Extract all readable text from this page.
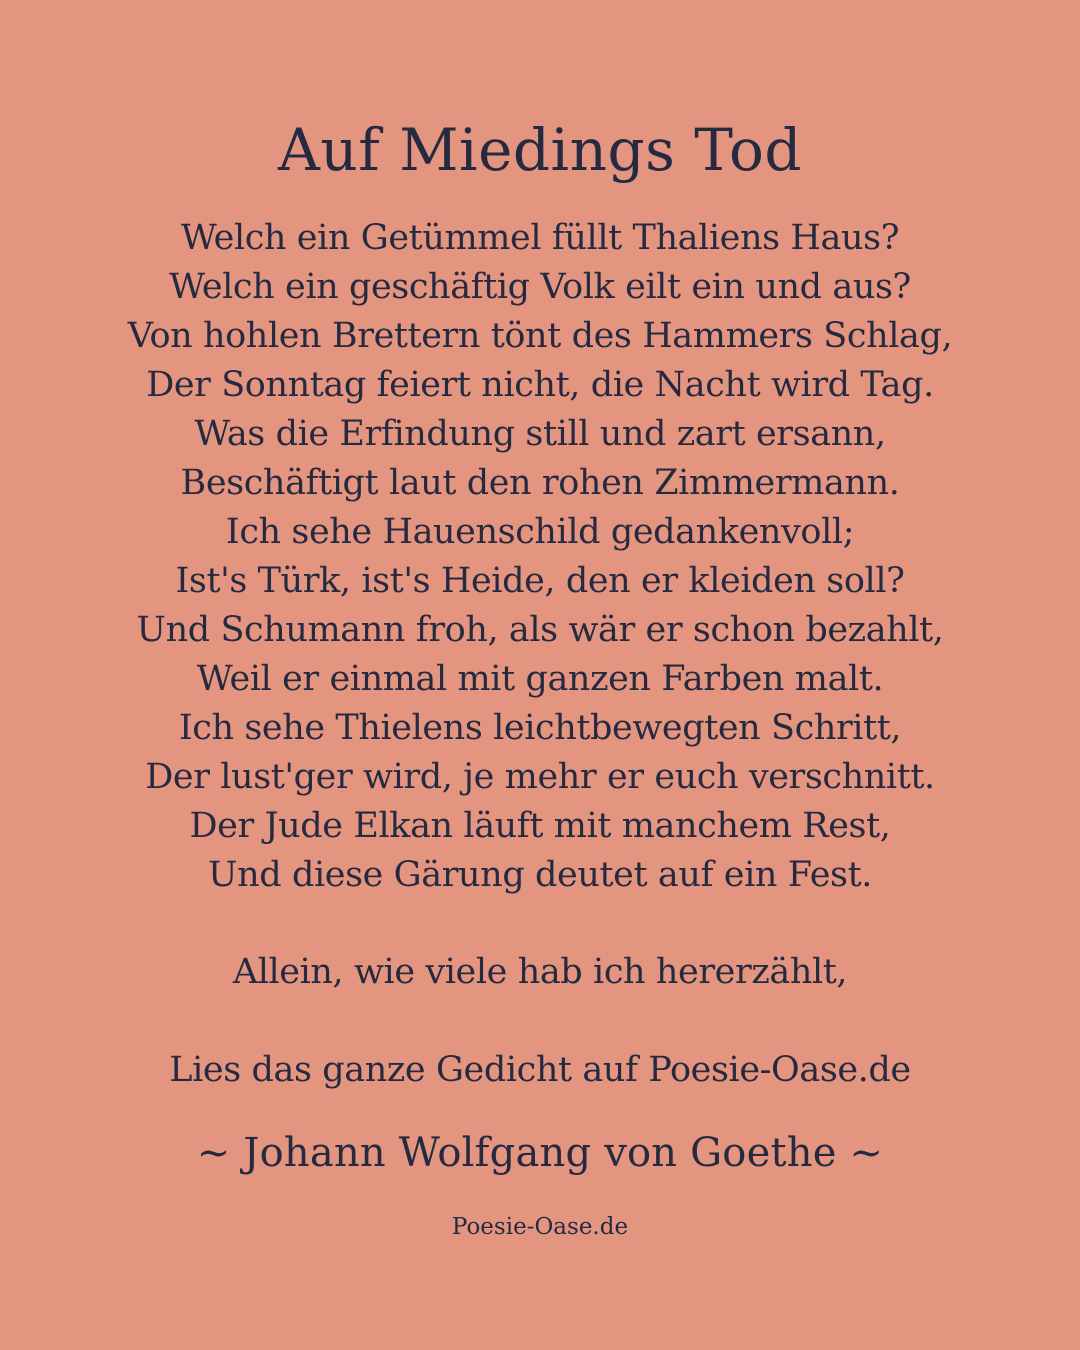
Auf Miedings Tod
Welch ein Getümmel füllt Thaliens Haus?
Welch ein geschäftig Volk eilt ein und aus?
Von hohlen Brettern tönt des Hammers Schlag,
Der Sonntag feiert nicht, die Nacht wird Tag.
Was die Erfindung still und zart ersann,
Beschäftigt laut den rohen Zimmermann.
Ich sehe Hauenschild gedankenvoll;
Ist's Türk, ist's Heide, den er kleiden soll?
Und Schumann froh, als wär er schon bezahlt,
Weil er einmal mit ganzen Farben malt.
Ich sehe Thielens leichtbewegten Schritt,
Der lust'ger wird, je mehr er euch verschnitt.
Der Jude Elkan läuft mit manchem Rest,
Und diese Gärung deutet auf ein Fest.
Allein, wie viele hab ich hererzählt,
Lies das ganze Gedicht auf Poesie-Oase.de
~ Johann Wolfgang von Goethe ~
Poesie-Oase.de
